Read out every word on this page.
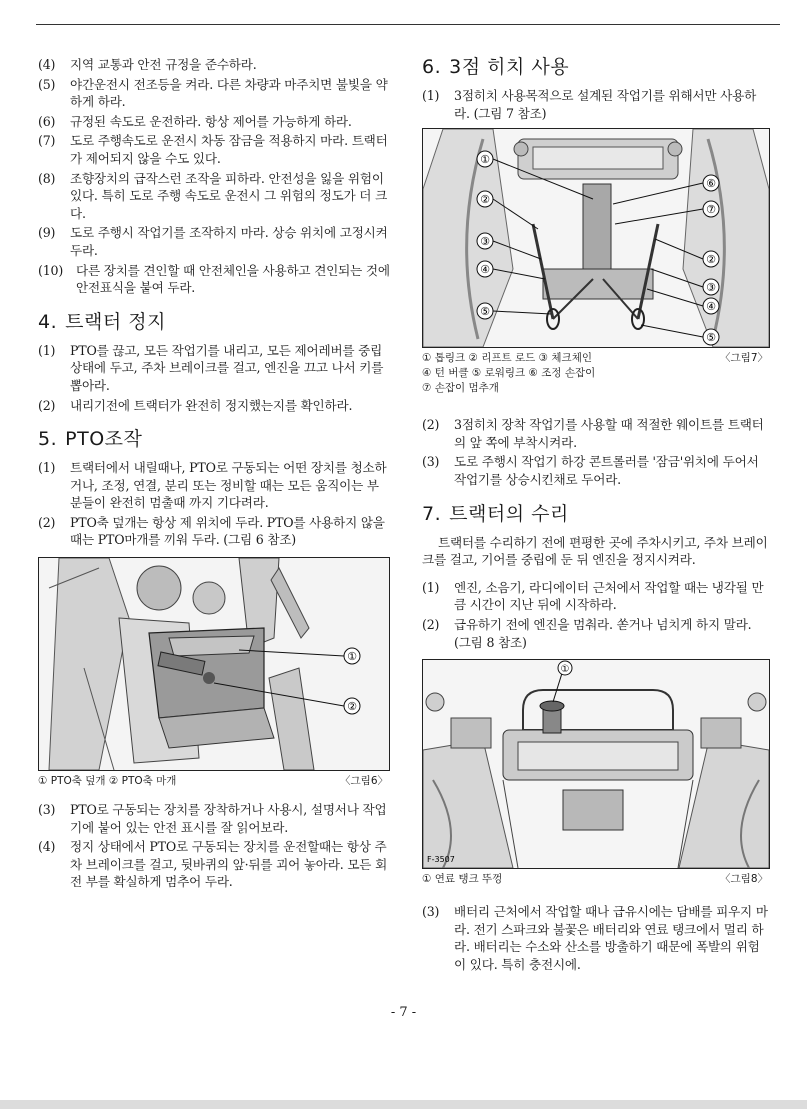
(4) 지역 교통과 안전 규정을 준수하라.
(5) 야간운전시 전조등을 켜라. 다른 차량과 마주치면 불빛을 약하게 하라.
(6) 규정된 속도로 운전하라. 항상 제어를 가능하게 하라.
(7) 도로 주행속도로 운전시 차동 잠금을 적용하지 마라. 트랙터가 제어되지 않을 수도 있다.
(8) 조향장치의 급작스런 조작을 피하라. 안전성을 잃을 위험이 있다. 특히 도로 주행 속도로 운전시 그 위험의 정도가 더 크다.
(9) 도로 주행시 작업기를 조작하지 마라. 상승 위치에 고정시켜 두라.
(10) 다른 장치를 견인할 때 안전체인을 사용하고 견인되는 것에 안전표식을 붙여 두라.
4. 트랙터 정지
(1) PTO를 끊고, 모든 작업기를 내리고, 모든 제어레버를 중립 상태에 두고, 주차 브레이크를 걸고, 엔진을 끄고 나서 키를 뽑아라.
(2) 내리기전에 트랙터가 완전히 정지했는지를 확인하라.
5. PTO조작
(1) 트랙터에서 내릴때나, PTO로 구동되는 어떤 장치를 청소하거나, 조정, 연결, 분리 또는 정비할 때는 모든 움직이는 부분들이 완전히 멈출때 까지 기다려라.
(2) PTO축 덮개는 항상 제 위치에 두라. PTO를 사용하지 않을 때는 PTO마개를 끼워 두라. (그림 6 참조)
①
②
① PTO축 덮개 ② PTO축 마개	〈그림6〉
(3) PTO로 구동되는 장치를 장착하거나 사용시, 설명서나 작업기에 붙어 있는 안전 표시를 잘 읽어보라.
(4) 정지 상태에서 PTO로 구동되는 장치를 운전할때는 항상 주차 브레이크를 걸고, 뒷바퀴의 앞·뒤를 괴어 놓아라. 모든 회전 부를 확실하게 멈추어 두라.
6. 3점 히치 사용
(1) 3점히치 사용목적으로 설계된 작업기를 위해서만 사용하라. (그림 7 참조)
①
②
③
④
⑤
⑥
⑦
②
③
④
⑤
① 톱링크 ② 리프트 로드 ③ 체크체인
④ 턴 버클 ⑤ 로워링크 ⑥ 조정 손잡이
⑦ 손잡이 멈추개
〈그림7〉
(2) 3점히치 장착 작업기를 사용할 때 적절한 웨이트를 트랙터의 앞 쪽에 부착시켜라.
(3) 도로 주행시 작업기 하강 콘트롤러를 '잠금'위치에 두어서 작업기를 상승시킨채로 두어라.
7. 트랙터의 수리

트랙터를 수리하기 전에 편평한 곳에 주차시키고, 주차 브레이크를 걸고, 기어를 중립에 둔 뒤 엔진을 정지시켜라.

(1) 엔진, 소음기, 라디에이터 근처에서 작업할 때는 냉각될 만큼 시간이 지난 뒤에 시작하라.
(2) 급유하기 전에 엔진을 멈춰라. 쏟거나 넘치게 하지 말라. (그림 8 참조)
①
F-3507
① 연료 탱크 뚜껑	〈그림8〉
(3) 배터리 근처에서 작업할 때나 급유시에는 담배를 피우지 마라. 전기 스파크와 불꽃은 배터리와 연료 탱크에서 멀리 하라. 배터리는 수소와 산소를 방출하기 때문에 폭발의 위험이 있다. 특히 충전시에.
- 7 -
